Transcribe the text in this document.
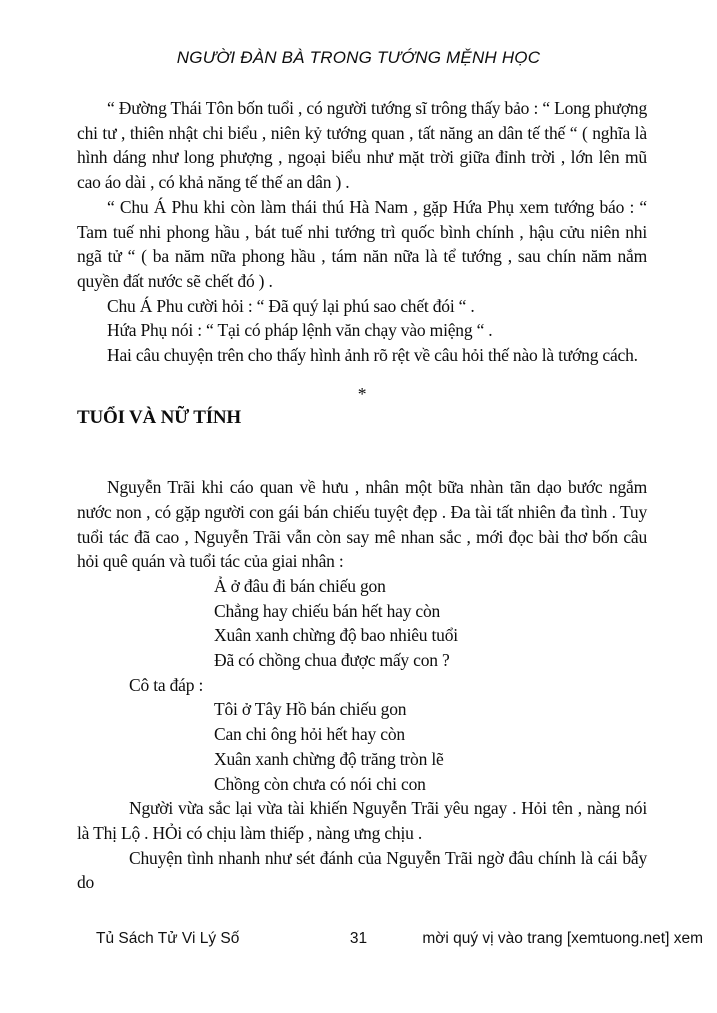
NGƯỜI ĐÀN BÀ TRONG TƯỚNG MỆNH HỌC

“ Đường Thái Tôn bốn tuổi , có người tướng sĩ trông thấy bảo : “ Long phượng chi tư , thiên nhật chi biểu , niên kỷ tướng quan , tất năng an dân tế thế “ ( nghĩa là hình dáng như long phượng , ngoại biểu như mặt trời giữa đỉnh trời , lớn lên mũ cao áo dài , có khả năng tế thế an dân ) .

“ Chu Á Phu khi còn làm thái thú Hà Nam , gặp Hứa Phụ xem tướng báo : “ Tam tuế nhi phong hầu , bát tuế nhi tướng trì quốc bình chính , hậu cửu niên nhi ngã tử “ ( ba năm nữa phong hầu , tám năn nữa là tể tướng , sau chín năm nắm quyền đất nước sẽ chết đó ) .

Chu Á Phu cười hỏi : “ Đã quý lại phú sao chết đói “ .

Hứa Phụ nói : “ Tại có pháp lệnh văn chạy vào miệng “ .

Hai câu chuyện trên cho thấy hình ảnh rõ rệt về câu hỏi thế nào là tướng cách.

*

TUỔI VÀ NỮ TÍNH

Nguyễn Trãi khi cáo quan về hưu , nhân một bữa nhàn tãn dạo bước ngắm nước non , có gặp người con gái bán chiếu tuyệt đẹp . Đa tài tất nhiên đa tình . Tuy tuổi tác đã cao , Nguyễn Trãi vẫn còn say mê nhan sắc , mới đọc bài thơ bốn câu hỏi quê quán và tuổi tác của giai nhân :

Ả ở đâu đi bán chiếu gon

Chẳng hay chiếu bán hết hay còn

Xuân xanh chừng độ bao nhiêu tuổi

Đã có chồng chua được mấy con ?

Cô ta đáp :

Tôi ở Tây Hồ bán chiếu gon

Can chi ông hỏi hết hay còn

Xuân xanh chừng độ trăng tròn lẽ

Chồng còn chưa có nói chi con

Người vừa sắc lại vừa tài khiến Nguyễn Trãi yêu ngay . Hỏi tên , nàng nói là Thị Lộ . HỎi có chịu làm thiếp , nàng ưng chịu .

Chuyện tình nhanh như sét đánh của Nguyễn Trãi ngờ đâu chính là cái bẫy do

Tủ Sách Tử Vi Lý Số	31	mời quý vị vào trang [xemtuong.net] xem
